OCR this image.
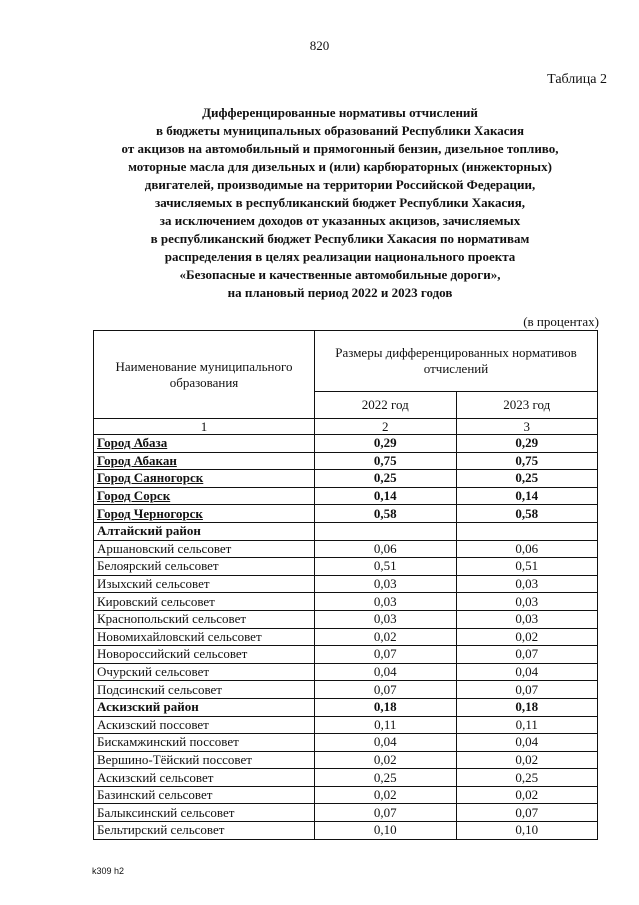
820
Таблица 2
Дифференцированные нормативы отчислений
в бюджеты муниципальных образований Республики Хакасия
от акцизов на автомобильный и прямогонный бензин, дизельное топливо,
моторные масла для дизельных и (или) карбюраторных (инжекторных)
двигателей, производимые на территории Российской Федерации,
зачисляемых в республиканский бюджет Республики Хакасия,
за исключением доходов от указанных акцизов, зачисляемых
в республиканский бюджет Республики Хакасия по нормативам
распределения в целях реализации национального проекта
«Безопасные и качественные автомобильные дороги»,
на плановый период 2022 и 2023 годов
(в процентах)
Наименование муниципального образования	Размеры дифференцированных нормативов отчислений	
	2022 год	2023 год
1	2	3
Город Абаза	0,29	0,29
Город Абакан	0,75	0,75
Город Саяногорск	0,25	0,25
Город Сорск	0,14	0,14
Город Черногорск	0,58	0,58
Алтайский район		
Аршановский сельсовет	0,06	0,06
Белоярский сельсовет	0,51	0,51
Изыхский сельсовет	0,03	0,03
Кировский сельсовет	0,03	0,03
Краснопольский сельсовет	0,03	0,03
Новомихайловский сельсовет	0,02	0,02
Новороссийский сельсовет	0,07	0,07
Очурский сельсовет	0,04	0,04
Подсинский сельсовет	0,07	0,07
Аскизский район	0,18	0,18
Аскизский поссовет	0,11	0,11
Бискамжинский поссовет	0,04	0,04
Вершино-Тёйский поссовет	0,02	0,02
Аскизский сельсовет	0,25	0,25
Базинский сельсовет	0,02	0,02
Балыксинский сельсовет	0,07	0,07
Бельтирский сельсовет	0,10	0,10
k309 h2
